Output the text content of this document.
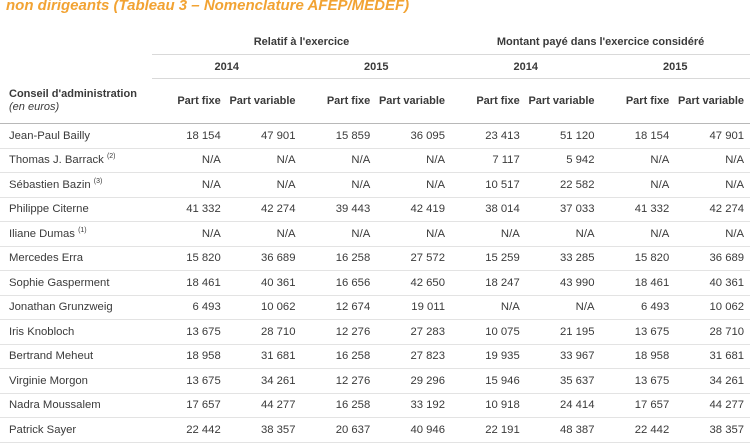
non dirigeants (Tableau 3 – Nomenclature AFEP/MEDEF)
	Relatif à l'exercice				Montant payé dans l'exercice considéré			
	2014		2015		2014		2015	
Conseil d'administration
(en euros)	Part fixe	Part variable	Part fixe	Part variable	Part fixe	Part variable	Part fixe	Part variable
Jean-Paul Bailly	18 154	47 901	15 859	36 095	23 413	51 120	18 154	47 901
Thomas J. Barrack $^{(2)}$	N/A	N/A	N/A	N/A	7 117	5 942	N/A	N/A
Sébastien Bazin $^{(3)}$	N/A	N/A	N/A	N/A	10 517	22 582	N/A	N/A
Philippe Citerne	41 332	42 274	39 443	42 419	38 014	37 033	41 332	42 274
Iliane Dumas $^{(1)}$	N/A	N/A	N/A	N/A	N/A	N/A	N/A	N/A
Mercedes Erra	15 820	36 689	16 258	27 572	15 259	33 285	15 820	36 689
Sophie Gasperment	18 461	40 361	16 656	42 650	18 247	43 990	18 461	40 361
Jonathan Grunzweig	6 493	10 062	12 674	19 011	N/A	N/A	6 493	10 062
Iris Knobloch	13 675	28 710	12 276	27 283	10 075	21 195	13 675	28 710
Bertrand Meheut	18 958	31 681	16 258	27 823	19 935	33 967	18 958	31 681
Virginie Morgon	13 675	34 261	12 276	29 296	15 946	35 637	13 675	34 261
Nadra Moussalem	17 657	44 277	16 258	33 192	10 918	24 414	17 657	44 277
Patrick Sayer	22 442	38 357	20 637	40 946	22 191	48 387	22 442	38 357
